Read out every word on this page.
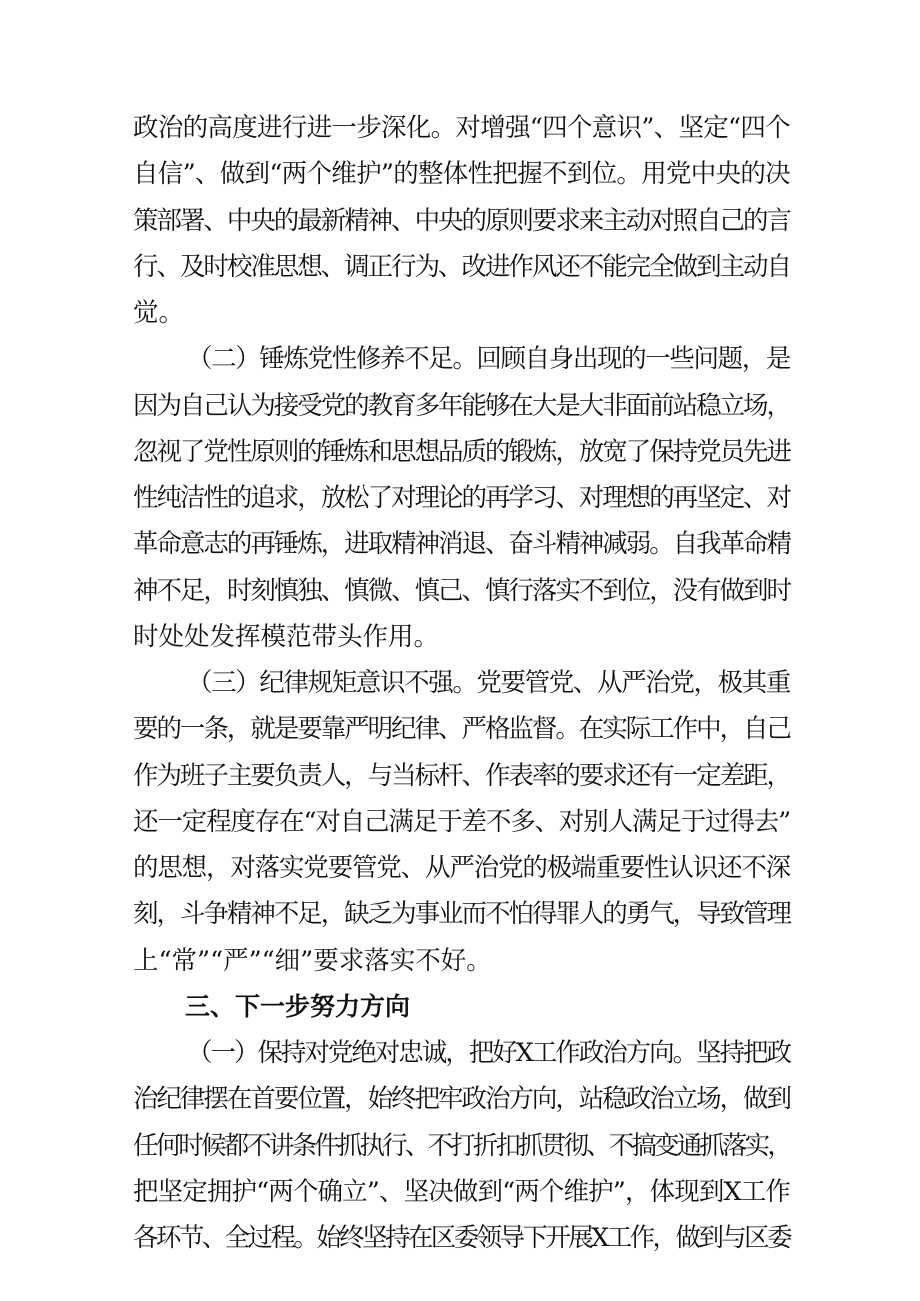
政治的高度进行进一步深化。对增强“四个意识”、坚定“四个
自信”、做到“两个维护”的整体性把握不到位。用党中央的决
策部署、中央的最新精神、中央的原则要求来主动对照自己的言
行、及时校准思想、调正行为、改进作风还不能完全做到主动自
觉。
（二）锤炼党性修养不足。回顾自身出现的一些问题，是
因为自己认为接受党的教育多年能够在大是大非面前站稳立场，
忽视了党性原则的锤炼和思想品质的锻炼，放宽了保持党员先进
性纯洁性的追求，放松了对理论的再学习、对理想的再坚定、对
革命意志的再锤炼，进取精神消退、奋斗精神减弱。自我革命精
神不足，时刻慎独、慎微、慎己、慎行落实不到位，没有做到时
时处处发挥模范带头作用。
（三）纪律规矩意识不强。党要管党、从严治党，极其重
要的一条，就是要靠严明纪律、严格监督。在实际工作中，自己
作为班子主要负责人，与当标杆、作表率的要求还有一定差距，
还一定程度存在“对自己满足于差不多、对别人满足于过得去”
的思想，对落实党要管党、从严治党的极端重要性认识还不深
刻，斗争精神不足，缺乏为事业而不怕得罪人的勇气，导致管理
上“常”“严”“细”要求落实不好。
三、下一步努力方向
（一）保持对党绝对忠诚，把好X工作政治方向。坚持把政
治纪律摆在首要位置，始终把牢政治方向，站稳政治立场，做到
任何时候都不讲条件抓执行、不打折扣抓贯彻、不搞变通抓落实，
把坚定拥护“两个确立”、坚决做到“两个维护”，体现到X工作
各环节、全过程。始终坚持在区委领导下开展X工作，做到与区委
